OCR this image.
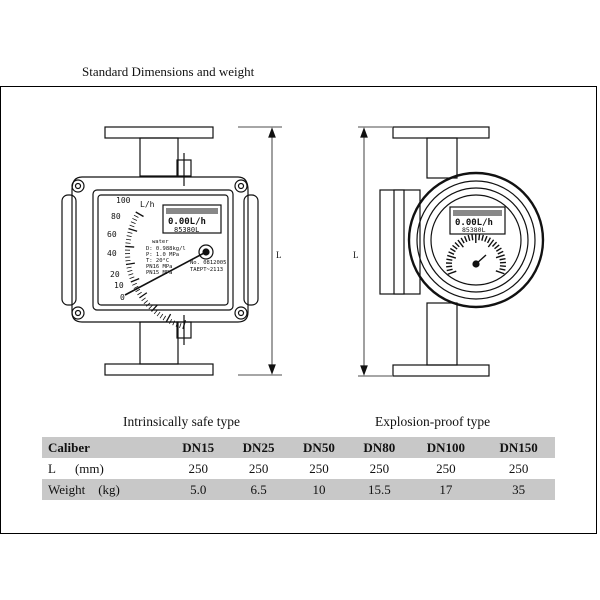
Standard Dimensions and weight
100
80
60
40
20
10
0
L/h
0.00L/h
85380L
water
D: 0.988kg/l
P: 1.0 MPa
T: 20°C
PN16 MPa
PN15 MPa
No. 0812005
TAEPT~2113
0.00L/h
85380L
L	L
Intrinsically safe type	Explosion-proof type
Caliber	DN15	DN25	DN50	DN80	DN100	DN150
L      (mm)	250	250	250	250	250	250
Weight    (kg)	5.0	6.5	10	15.5	17	35
